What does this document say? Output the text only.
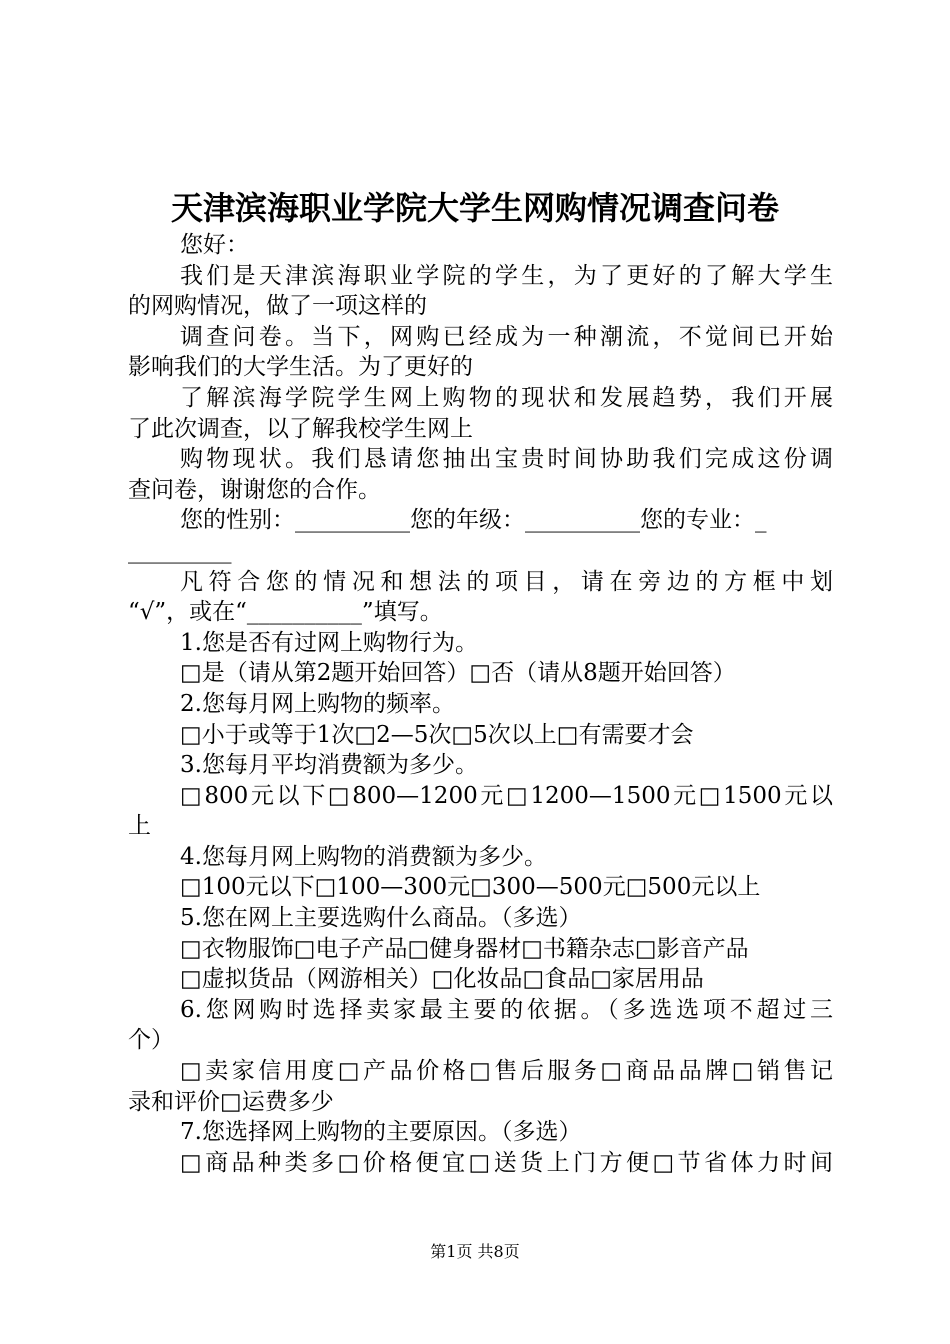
天津滨海职业学院大学生网购情况调查问卷
您好：
我们是天津滨海职业学院的学生，为了更好的了解大学生
的网购情况，做了一项这样的
调查问卷。当下，网购已经成为一种潮流，不觉间已开始
影响我们的大学生活。为了更好的
了解滨海学院学生网上购物的现状和发展趋势，我们开展
了此次调查，以了解我校学生网上
购物现状。我们恳请您抽出宝贵时间协助我们完成这份调
查问卷，谢谢您的合作。
您的性别：__________您的年级：__________您的专业：_
_________
凡符合您的情况和想法的项目，请在旁边的方框中划
“√”，或在“__________”填写。
1.您是否有过网上购物行为。
□是（请从第2题开始回答）□否（请从8题开始回答）
2.您每月网上购物的频率。
□小于或等于1次□2—5次□5次以上□有需要才会
3.您每月平均消费额为多少。
□800元以下□800—1200元□1200—1500元□1500元以
上
4.您每月网上购物的消费额为多少。
□100元以下□100—300元□300—500元□500元以上
5.您在网上主要选购什么商品。（多选）
□衣物服饰□电子产品□健身器材□书籍杂志□影音产品
□虚拟货品（网游相关）□化妆品□食品□家居用品
6.您网购时选择卖家最主要的依据。（多选选项不超过三
个）
□卖家信用度□产品价格□售后服务□商品品牌□销售记
录和评价□运费多少
7.您选择网上购物的主要原因。（多选）
□商品种类多□价格便宜□送货上门方便□节省体力时间
第1页 共8页
